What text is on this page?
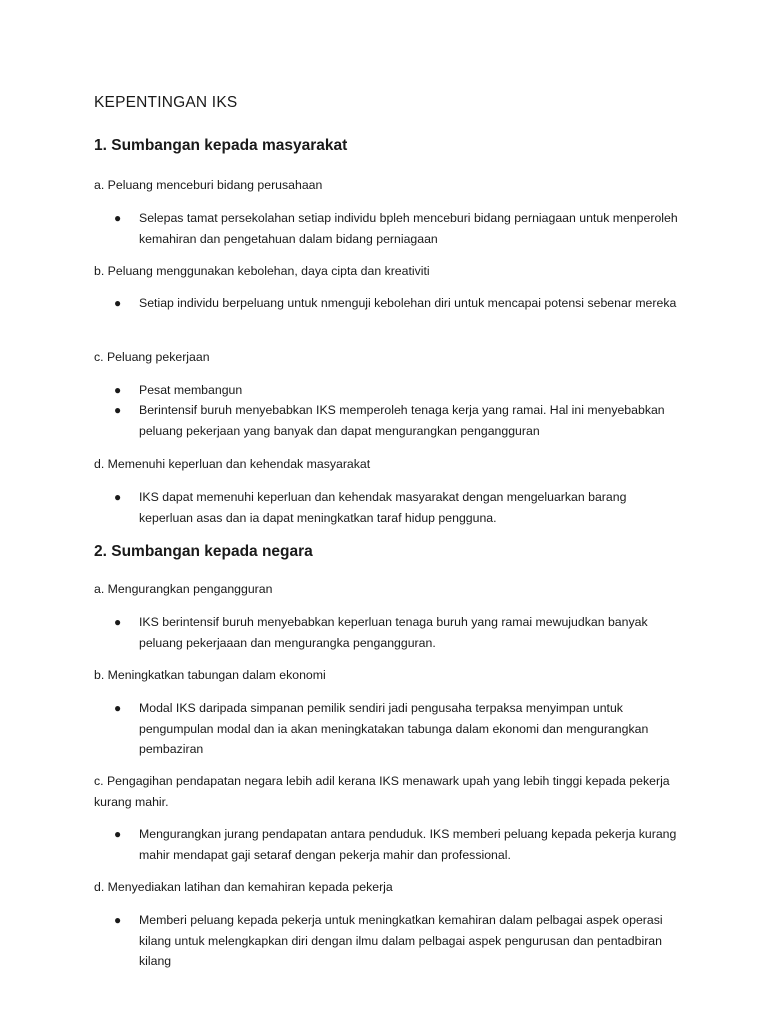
KEPENTINGAN IKS
1. Sumbangan kepada masyarakat

a. Peluang menceburi bidang perusahaan

● Selepas tamat persekolahan setiap individu bpleh menceburi bidang perniagaan untuk menperoleh kemahiran dan pengetahuan dalam bidang perniagaan

b. Peluang menggunakan kebolehan, daya cipta dan kreativiti

● Setiap individu berpeluang untuk nmenguji kebolehan diri untuk mencapai potensi sebenar mereka

c. Peluang pekerjaan

● Pesat membangun
● Berintensif buruh menyebabkan IKS memperoleh tenaga kerja yang ramai. Hal ini menyebabkan peluang pekerjaan yang banyak dan dapat mengurangkan pengangguran

d. Memenuhi keperluan dan kehendak masyarakat

● IKS dapat memenuhi keperluan dan kehendak masyarakat dengan mengeluarkan barang keperluan asas dan ia dapat meningkatkan taraf hidup pengguna.
2. Sumbangan kepada negara

a. Mengurangkan pengangguran

● IKS berintensif buruh menyebabkan keperluan tenaga buruh yang ramai mewujudkan banyak peluang pekerjaaan dan mengurangka pengangguran.

b. Meningkatkan tabungan dalam ekonomi

● Modal IKS daripada simpanan pemilik sendiri jadi pengusaha terpaksa menyimpan untuk pengumpulan modal dan ia akan meningkatakan tabunga dalam ekonomi dan mengurangkan pembaziran

c. Pengagihan pendapatan negara lebih adil kerana IKS menawark upah yang lebih tinggi kepada pekerja kurang mahir.

● Mengurangkan jurang pendapatan antara penduduk. IKS memberi peluang kepada pekerja kurang mahir mendapat gaji setaraf dengan pekerja mahir dan professional.

d. Menyediakan latihan dan kemahiran kepada pekerja

● Memberi peluang kepada pekerja untuk meningkatkan kemahiran dalam pelbagai aspek operasi kilang untuk melengkapkan diri dengan ilmu dalam pelbagai aspek pengurusan dan pentadbiran kilang
